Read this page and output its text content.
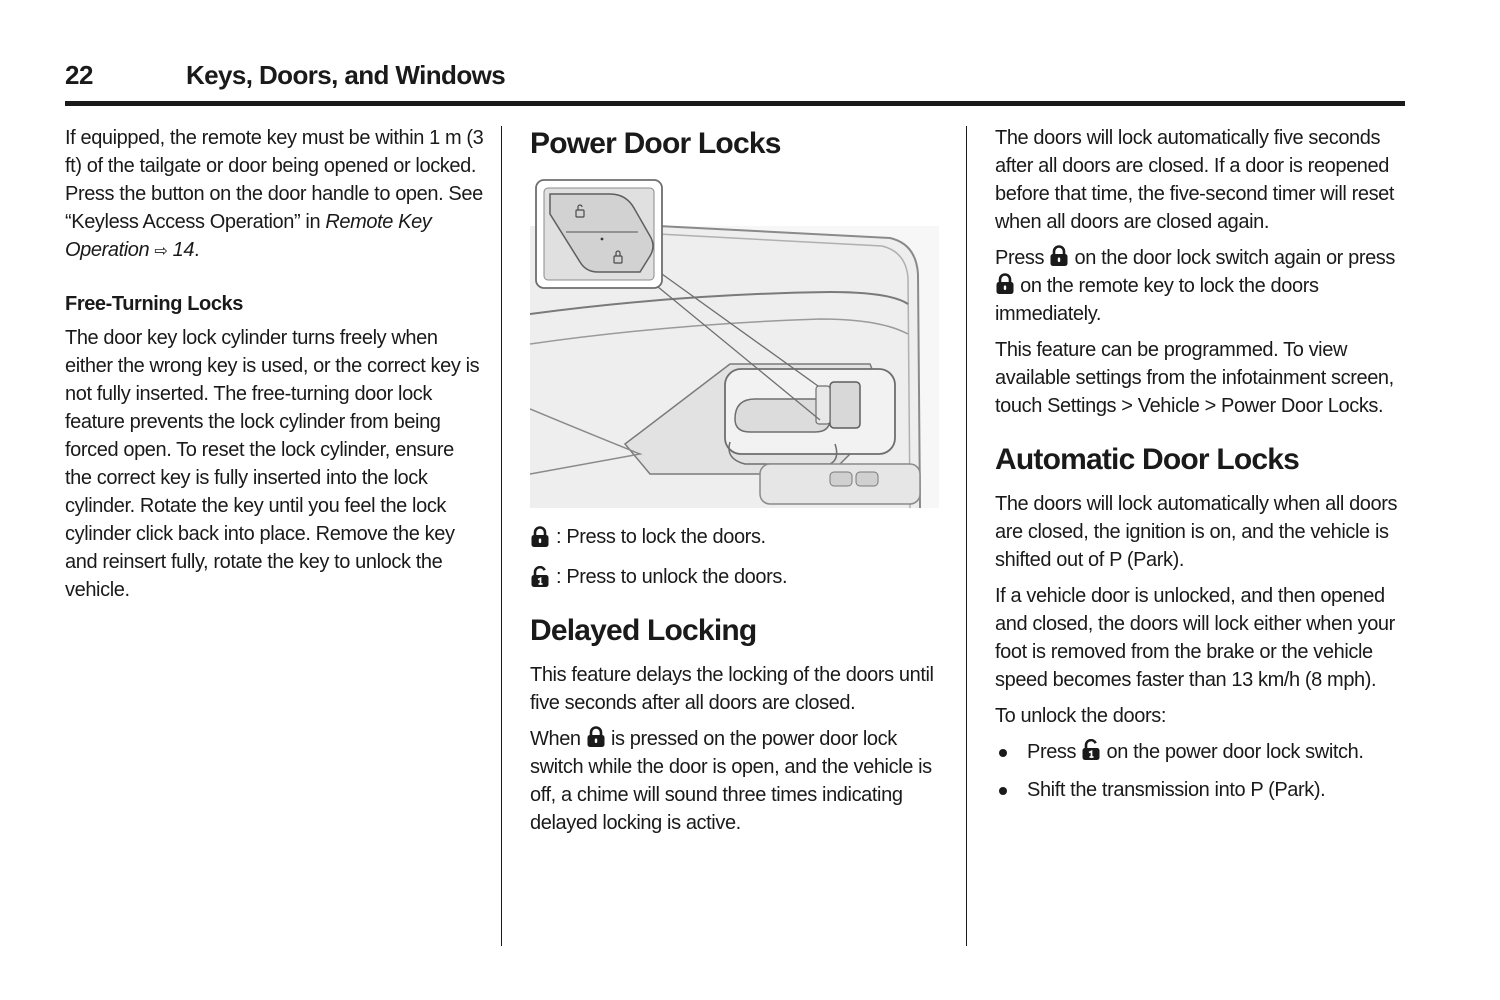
22	Keys, Doors, and Windows

If equipped, the remote key must be within 1 m (3 ft) of the tailgate or door being opened or locked. Press the button on the door handle to open. See “Keyless Access Operation” in Remote Key Operation ⇨ 14.

Free-Turning Locks

The door key lock cylinder turns freely when either the wrong key is used, or the correct key is not fully inserted. The free-turning door lock feature prevents the lock cylinder from being forced open. To reset the lock cylinder, ensure the correct key is fully inserted into the lock cylinder. Rotate the key until you feel the lock cylinder click back into place. Remove the key and reinsert fully, rotate the key to unlock the vehicle.

Power Door Locks
: Press to lock the doors.
: Press to unlock the doors.
Delayed Locking

This feature delays the locking of the doors until five seconds after all doors are closed.

When is pressed on the power door lock switch while the door is open, and the vehicle is off, a chime will sound three times indicating delayed locking is active.

The doors will lock automatically five seconds after all doors are closed. If a door is reopened before that time, the five-second timer will reset when all doors are closed again.

Press on the door lock switch again or press  on the remote key to lock the doors immediately.

This feature can be programmed. To view available settings from the infotainment screen, touch Settings > Vehicle > Power Door Locks.

Automatic Door Locks

The doors will lock automatically when all doors are closed, the ignition is on, and the vehicle is shifted out of P (Park).

If a vehicle door is unlocked, and then opened and closed, the doors will lock either when your foot is removed from the brake or the vehicle speed becomes faster than 13 km/h (8 mph).

To unlock the doors:

Press on the power door lock switch.
Shift the transmission into P (Park).
